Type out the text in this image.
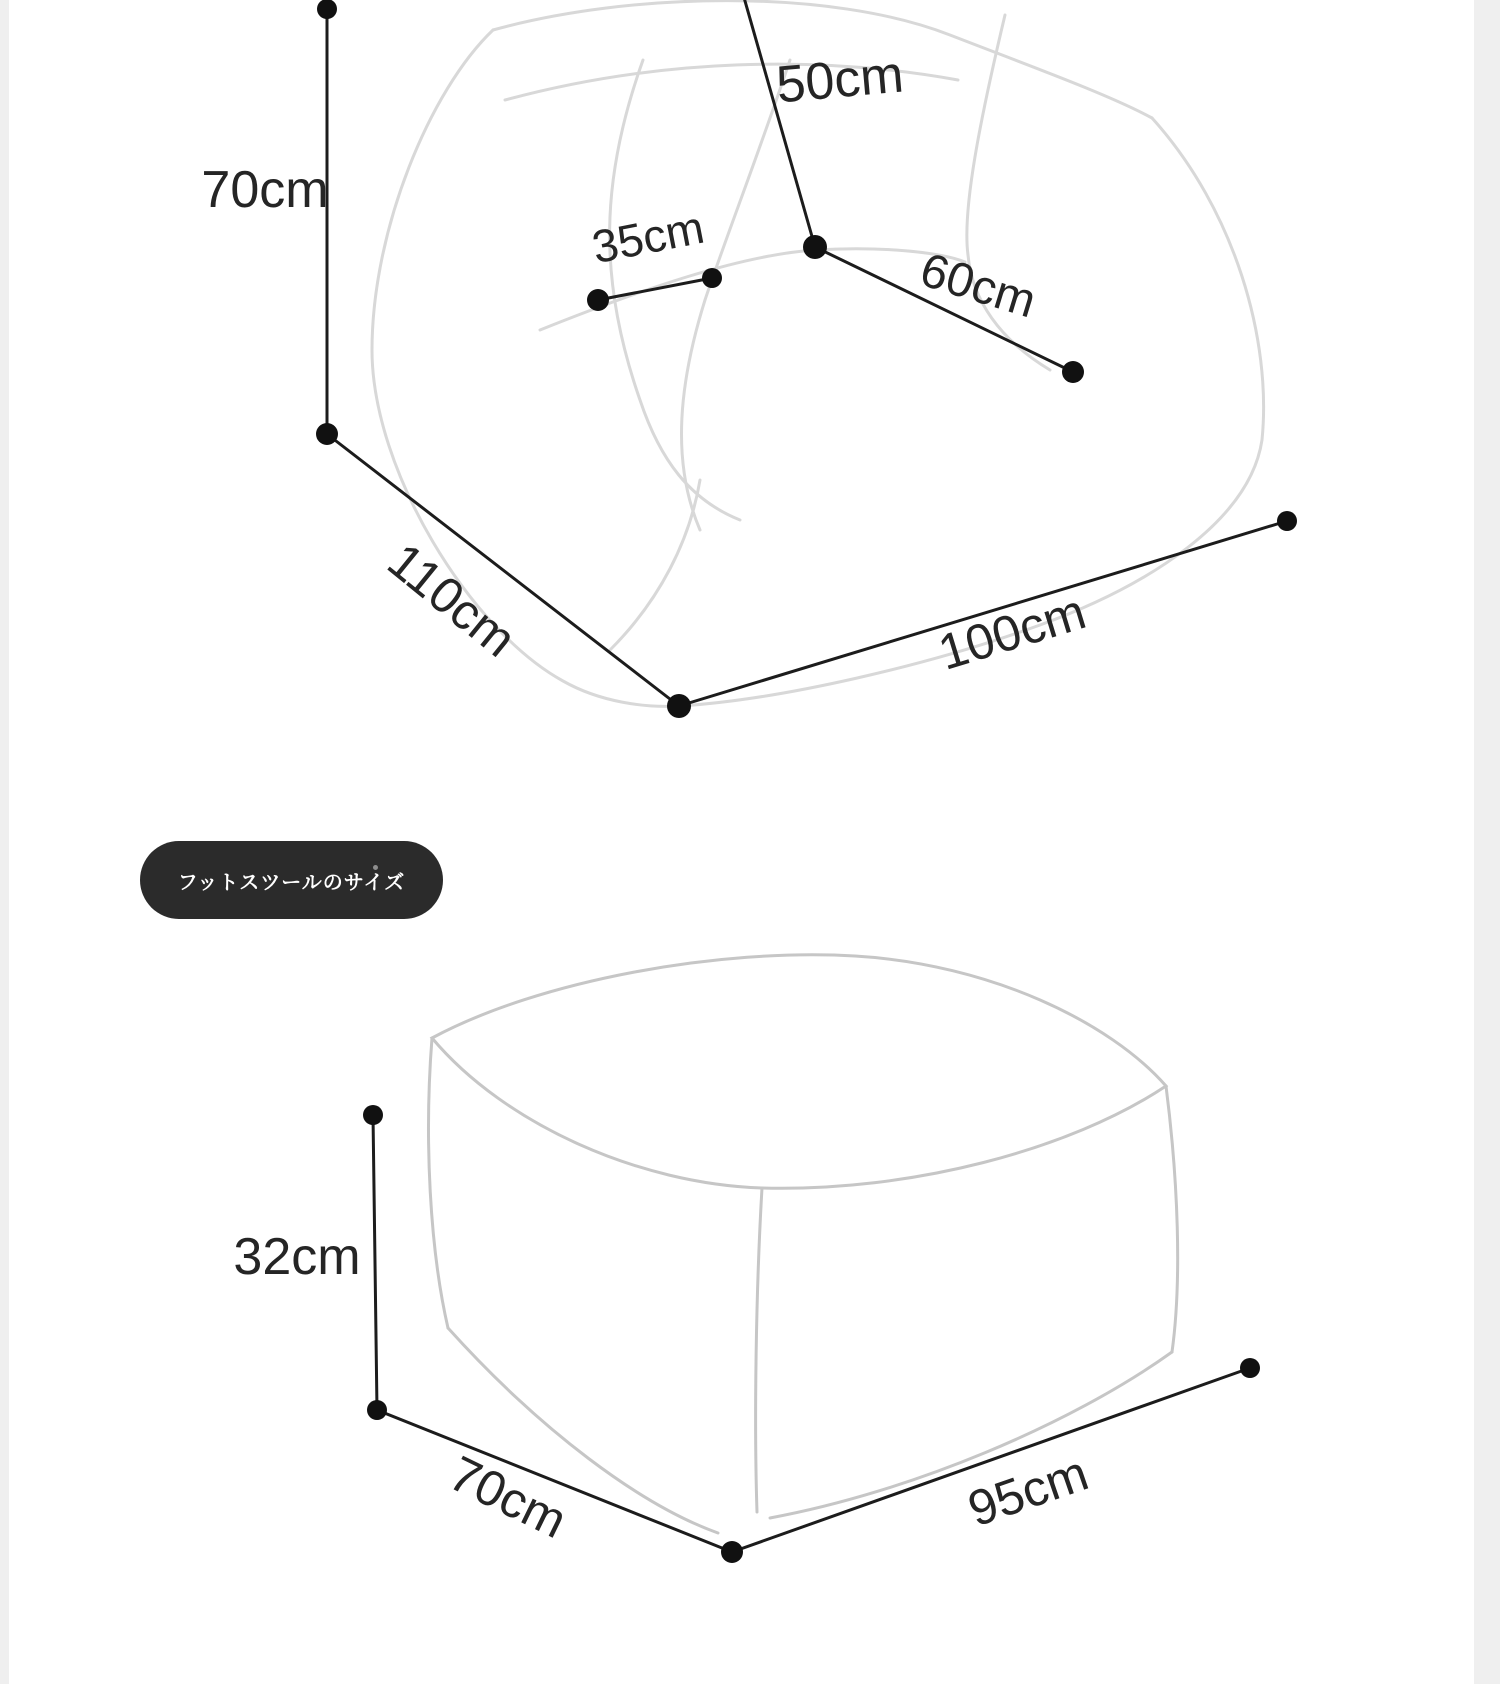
70cm
50cm
35cm
60cm
110cm	100cm
32cm
70cm	95cm
フットスツールのサイズ
